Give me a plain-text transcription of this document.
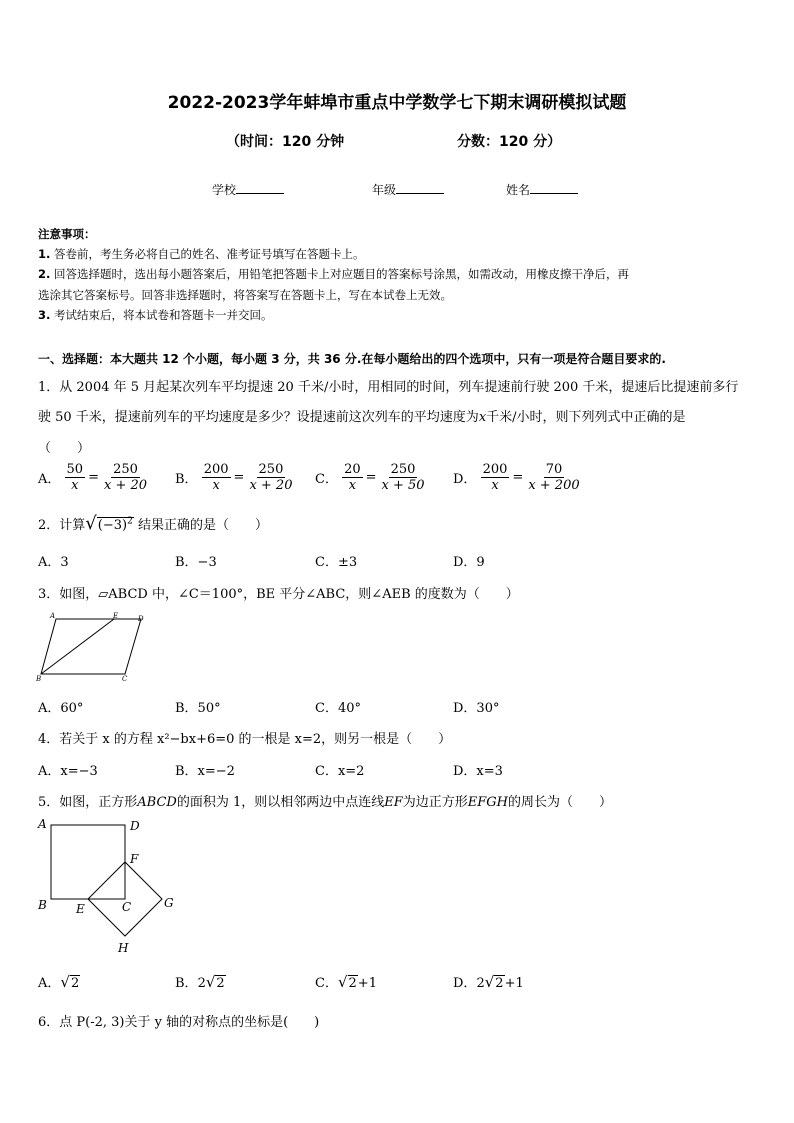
2022-2023学年蚌埠市重点中学数学七下期末调研模拟试题
（时间：120 分钟	分数：120 分）
学校	年级	姓名
注意事项：
1. 答卷前，考生务必将自己的姓名、准考证号填写在答题卡上。
2. 回答选择题时，选出每小题答案后，用铅笔把答题卡上对应题目的答案标号涂黑，如需改动，用橡皮擦干净后，再
选涂其它答案标号。回答非选择题时，将答案写在答题卡上，写在本试卷上无效。
3. 考试结束后，将本试卷和答题卡一并交回。
一、选择题：本大题共 12 个小题，每小题 3 分，共 36 分.在每小题给出的四个选项中，只有一项是符合题目要求的.
1．从 2004 年 5 月起某次列车平均提速 20 千米/小时，用相同的时间，列车提速前行驶 200 千米，提速后比提速前多行
驶 50 千米，提速前列车的平均速度是多少？设提速前这次列车的平均速度为x千米/小时，则下列列式中正确的是
（　　）
A． $\frac{50}{x} = \frac{250}{x + 20}$ B． $\frac{200}{x} = \frac{250}{x + 20}$ C． $\frac{20}{x} = \frac{250}{x + 50}$ D． $\frac{200}{x} = \frac{70}{x + 200}$
2．计算$√(-3)^2$ 结果正确的是（　　）
A．3	B．−3	C．±3	D．9
3．如图，▱ABCD 中，∠C＝100°，BE 平分∠ABC，则∠AEB 的度数为（　　）
A	E	D
B	C
A．60°	B．50°	C．40°	D．30°
4．若关于 x 的方程 x²−bx+6=0 的一根是 x=2，则另一根是（　　）
A．x=−3	B．x=−2	C．x=2	D．x=3
5．如图，正方形ABCD的面积为 1，则以相邻两边中点连线EF为边正方形EFGH的周长为（　　）
A	D
F
B E	C	G
H
A．√2	B．2√2	C．√2+1	D．2√2+1
6．点 P(-2, 3)关于 y 轴的对称点的坐标是(　　)
